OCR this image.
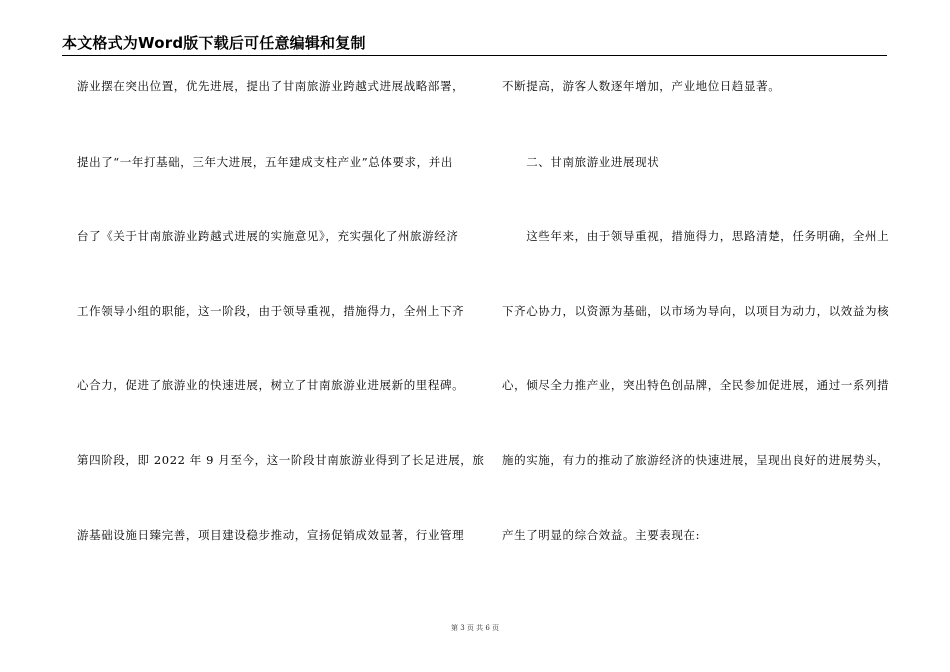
本文格式为Word版下载后可任意编辑和复制
游业摆在突出位置，优先进展，提出了甘南旅游业跨越式进展战略部署，
提出了“一年打基础，三年大进展，五年建成支柱产业”总体要求，并出
台了《关于甘南旅游业跨越式进展的实施意见》，充实强化了州旅游经济
工作领导小组的职能，这一阶段，由于领导重视，措施得力，全州上下齐
心合力，促进了旅游业的快速进展，树立了甘南旅游业进展新的里程碑。
第四阶段，即 2022 年 9 月至今，这一阶段甘南旅游业得到了长足进展，旅
游基础设施日臻完善，项目建设稳步推动，宣扬促销成效显著，行业管理
不断提高，游客人数逐年增加，产业地位日趋显著。
　　二、甘南旅游业进展现状
　　这些年来，由于领导重视，措施得力，思路清楚，任务明确，全州上
下齐心协力，以资源为基础，以市场为导向，以项目为动力，以效益为核
心，倾尽全力推产业，突出特色创品牌，全民参加促进展，通过一系列措
施的实施，有力的推动了旅游经济的快速进展，呈现出良好的进展势头，
产生了明显的综合效益。主要表现在:
第 3 页 共 6 页
